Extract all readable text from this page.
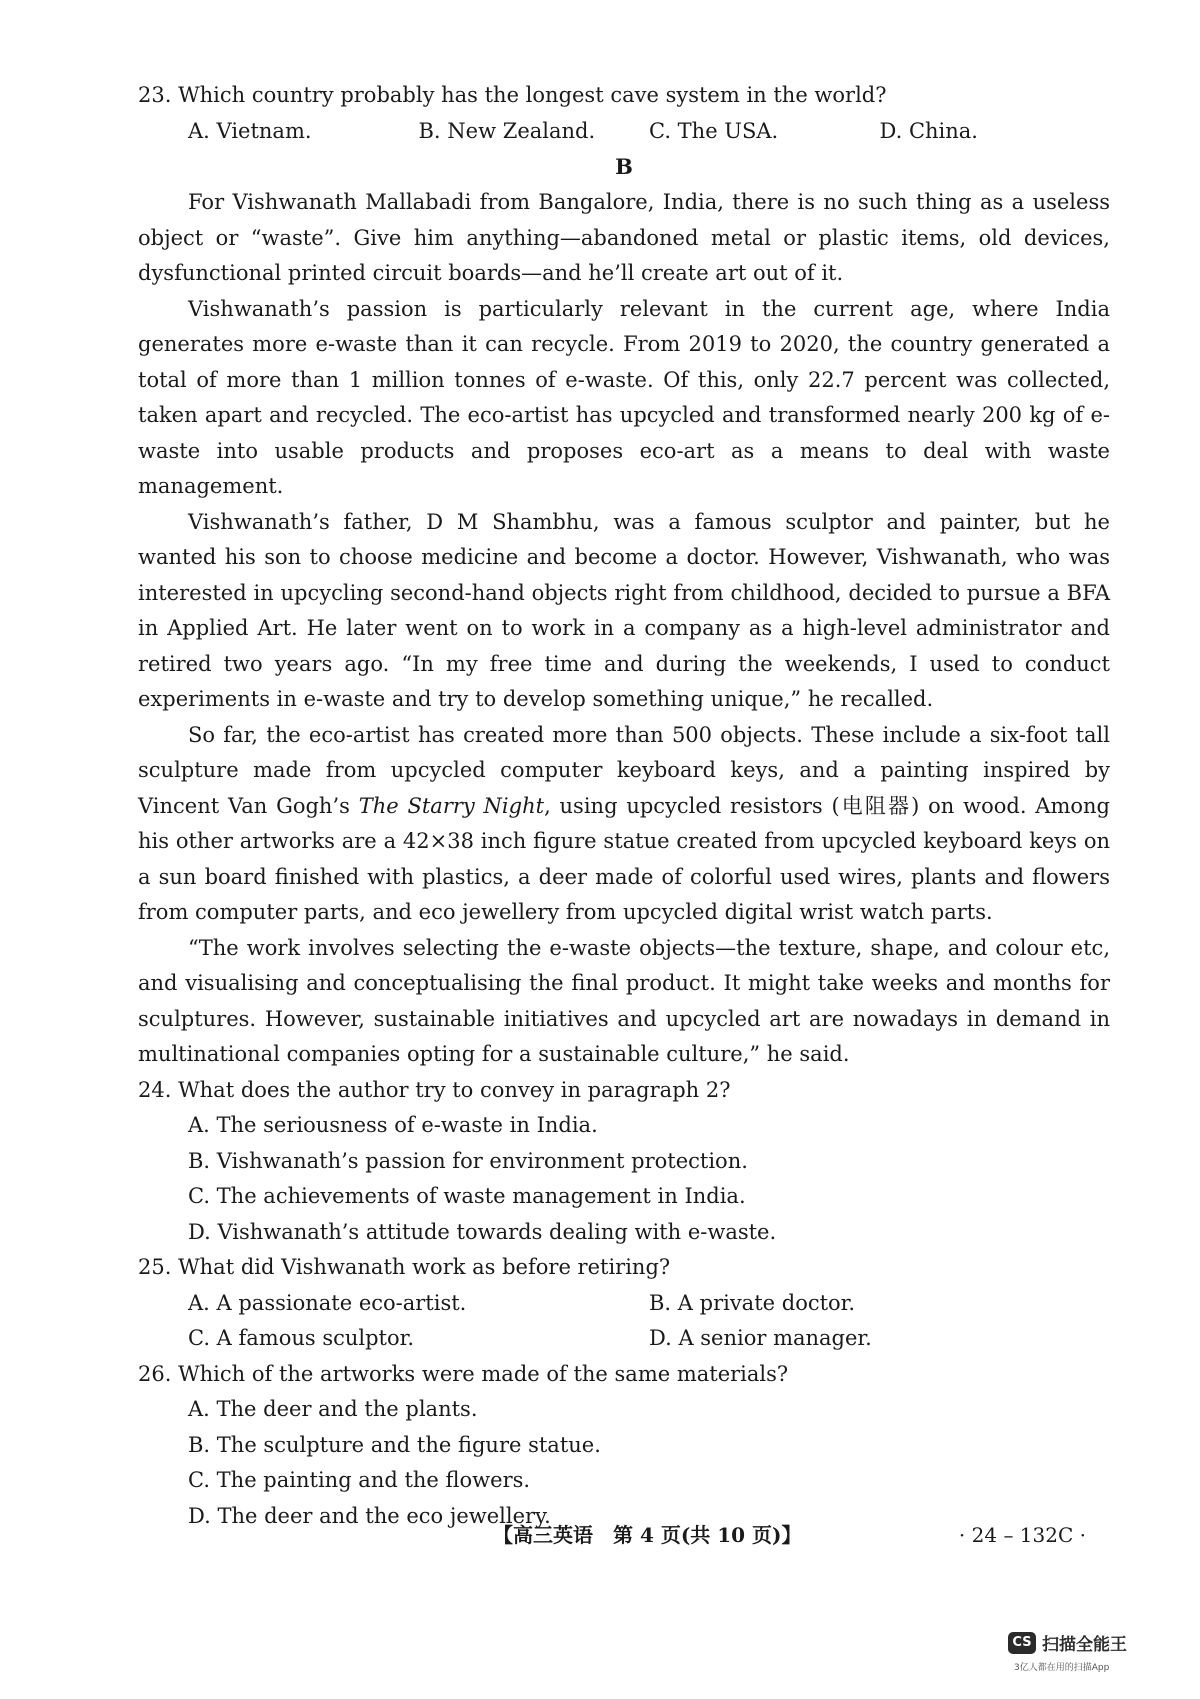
23. Which country probably has the longest cave system in the world?

A. Vietnam.	B. New Zealand.	C. The USA.	D. China.

B

For Vishwanath Mallabadi from Bangalore, India, there is no such thing as a useless object or “waste”. Give him anything—abandoned metal or plastic items, old devices, dysfunctional printed circuit boards—and he’ll create art out of it.

Vishwanath’s passion is particularly relevant in the current age, where India generates more e-waste than it can recycle. From 2019 to 2020, the country generated a total of more than 1 million tonnes of e-waste. Of this, only 22.7 percent was collected, taken apart and recycled. The eco-artist has upcycled and transformed nearly 200 kg of e-waste into usable products and proposes eco-art as a means to deal with waste management.

Vishwanath’s father, D M Shambhu, was a famous sculptor and painter, but he wanted his son to choose medicine and become a doctor. However, Vishwanath, who was interested in upcycling second-hand objects right from childhood, decided to pursue a BFA in Applied Art. He later went on to work in a company as a high-level administrator and retired two years ago. “In my free time and during the weekends, I used to conduct experiments in e-waste and try to develop something unique,” he recalled.

So far, the eco-artist has created more than 500 objects. These include a six-foot tall sculpture made from upcycled computer keyboard keys, and a painting inspired by Vincent Van Gogh’s The Starry Night, using upcycled resistors (电阻器) on wood. Among his other artworks are a 42×38 inch figure statue created from upcycled keyboard keys on a sun board finished with plastics, a deer made of colorful used wires, plants and flowers from computer parts, and eco jewellery from upcycled digital wrist watch parts.

“The work involves selecting the e-waste objects—the texture, shape, and colour etc, and visualising and conceptualising the final product. It might take weeks and months for sculptures. However, sustainable initiatives and upcycled art are nowadays in demand in multinational companies opting for a sustainable culture,” he said.

24. What does the author try to convey in paragraph 2?

A. The seriousness of e-waste in India.

B. Vishwanath’s passion for environment protection.

C. The achievements of waste management in India.

D. Vishwanath’s attitude towards dealing with e-waste.

25. What did Vishwanath work as before retiring?

A. A passionate eco-artist.	B. A private doctor.
C. A famous sculptor.	D. A senior manager.

26. Which of the artworks were made of the same materials?

A. The deer and the plants.

B. The sculpture and the figure statue.

C. The painting and the flowers.

D. The deer and the eco jewellery.

【高三英语　第 4 页(共 10 页)】	· 24 – 132C ·
CS 扫描全能王
3亿人都在用的扫描App
